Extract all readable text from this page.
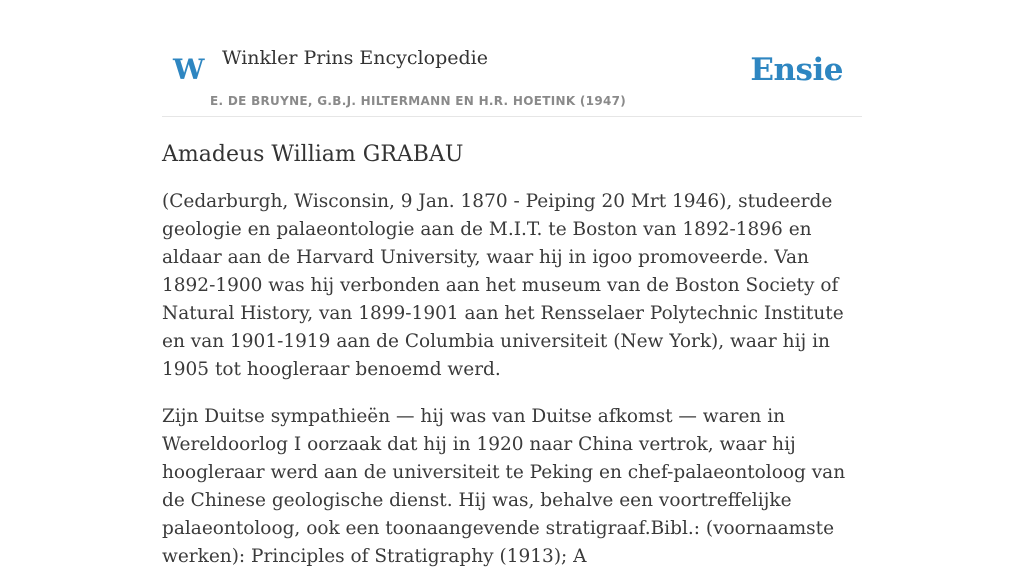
W Winkler Prins Encyclopedie
E. DE BRUYNE, G.B.J. HILTERMANN EN H.R. HOETINK (1947)
Ensie
Amadeus William GRABAU

(Cedarburgh, Wisconsin, 9 Jan. 1870 - Peiping 20 Mrt 1946), studeerde geologie en palaeontologie aan de M.I.T. te Boston van 1892-1896 en aldaar aan de Harvard University, waar hij in igoo promoveerde. Van 1892-1900 was hij verbonden aan het museum van de Boston Society of Natural History, van 1899-1901 aan het Rensselaer Polytechnic Institute en van 1901-1919 aan de Columbia universiteit (New York), waar hij in 1905 tot hoogleraar benoemd werd.

Zijn Duitse sympathieën — hij was van Duitse afkomst — waren in Wereldoorlog I oorzaak dat hij in 1920 naar China vertrok, waar hij hoogleraar werd aan de universiteit te Peking en chef-palaeontoloog van de Chinese geologische dienst. Hij was, behalve een voortreffelijke palaeontoloog, ook een toonaangevende stratigraaf.Bibl.: (voornaamste werken): Principles of Stratigraphy (1913); A
